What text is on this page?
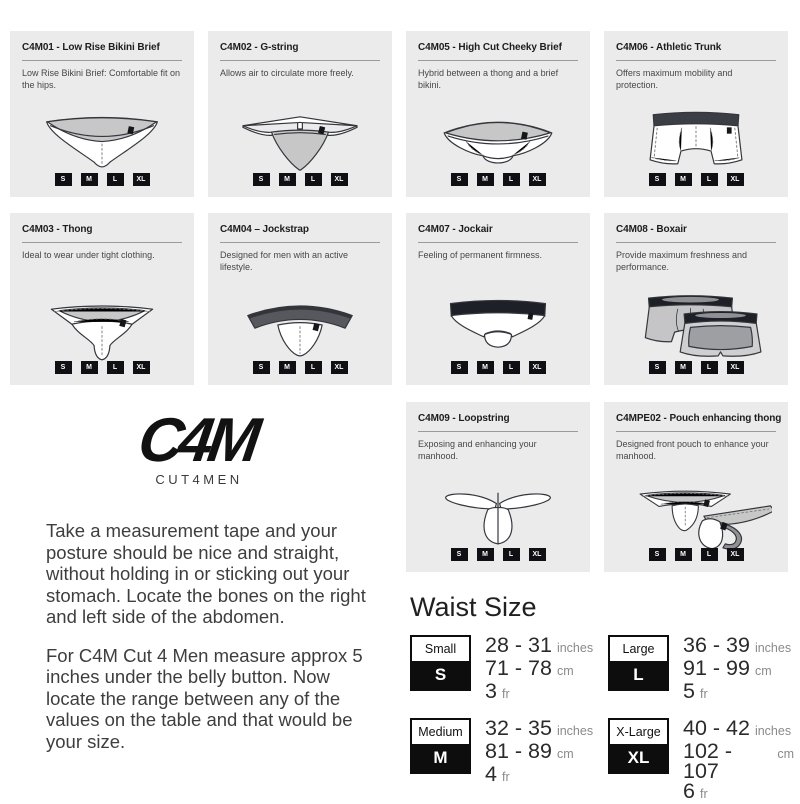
C4M01 - Low Rise Bikini Brief

Low Rise Bikini Brief: Comfortable fit on the hips.

S	M	L	XL
C4M02 - G-string

Allows air to circulate more freely.

S	M	L	XL
C4M05 - High Cut Cheeky Brief

Hybrid between a thong and a brief bikini.

S	M	L	XL
C4M06 - Athletic Trunk

Offers maximum mobility and protection.

S	M	L	XL
C4M03 - Thong

Ideal to wear under tight clothing.

S	M	L	XL
C4M04 – Jockstrap

Designed for men with an active lifestyle.

S	M	L	XL
C4M07 - Jockair

Feeling of permanent firmness.

S	M	L	XL
C4M08 - Boxair

Provide maximum freshness and performance.

S	M	L	XL
C4M09 - Loopstring

Exposing and enhancing your manhood.

S	M	L	XL
C4MPE02 - Pouch enhancing thong

Designed front pouch to enhance your manhood.

S	M	L	XL
C4M
CUT4MEN

Take a measurement tape and your posture should be nice and straight, without holding in or sticking out your stomach. Locate the bones on the right and left side of the abdomen.

For C4M Cut 4 Men measure approx 5 inches under the belly button. Now locate the range between any of the values on the table and that would be your size.

Waist Size
Small
S
28 - 31 inches
71 - 78 cm
3 fr
Large
L
36 - 39 inches
91 - 99 cm
5 fr
Medium
M
32 - 35 inches
81 - 89 cm
4 fr
X-Large
XL
40 - 42 inches
102 - 107
cm
6 fr
